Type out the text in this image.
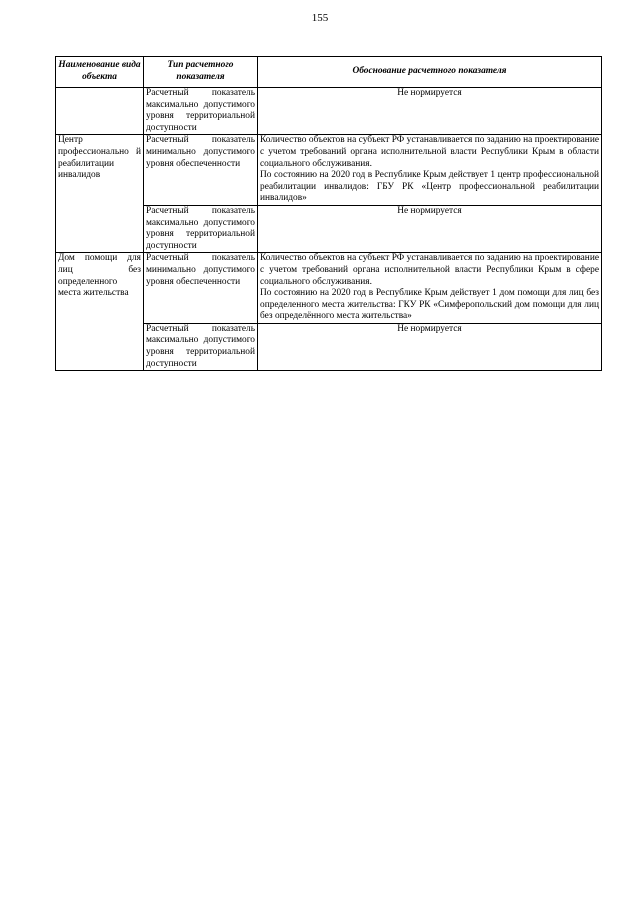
155
Наименование вида объекта	Тип расчетного показателя	Обоснование расчетного показателя
	Расчетный показатель максимально допустимого уровня территориальной доступности	Не нормируется
Центр профессионально й реабилитации инвалидов	Расчетный показатель минимально допустимого уровня обеспеченности	Количество объектов на субъект РФ устанавливается по заданию на проектирование с учетом требований органа исполнительной власти Республики Крым в области социального обслуживания.
По состоянию на 2020 год в Республике Крым действует 1 центр профессиональной реабилитации инвалидов: ГБУ РК «Центр профессиональной реабилитации инвалидов»

	Расчетный показатель максимально допустимого уровня территориальной доступности	Не нормируется
Дом помощи для лиц без определенного места жительства	Расчетный показатель минимально допустимого уровня обеспеченности	Количество объектов на субъект РФ устанавливается по заданию на проектирование с учетом требований органа исполнительной власти Республики Крым в сфере социального обслуживания.
По состоянию на 2020 год в Республике Крым действует 1 дом помощи для лиц без определенного места жительства: ГКУ РК «Симферопольский дом помощи для лиц без определённого места жительства»

	Расчетный показатель максимально допустимого уровня территориальной доступности	Не нормируется
